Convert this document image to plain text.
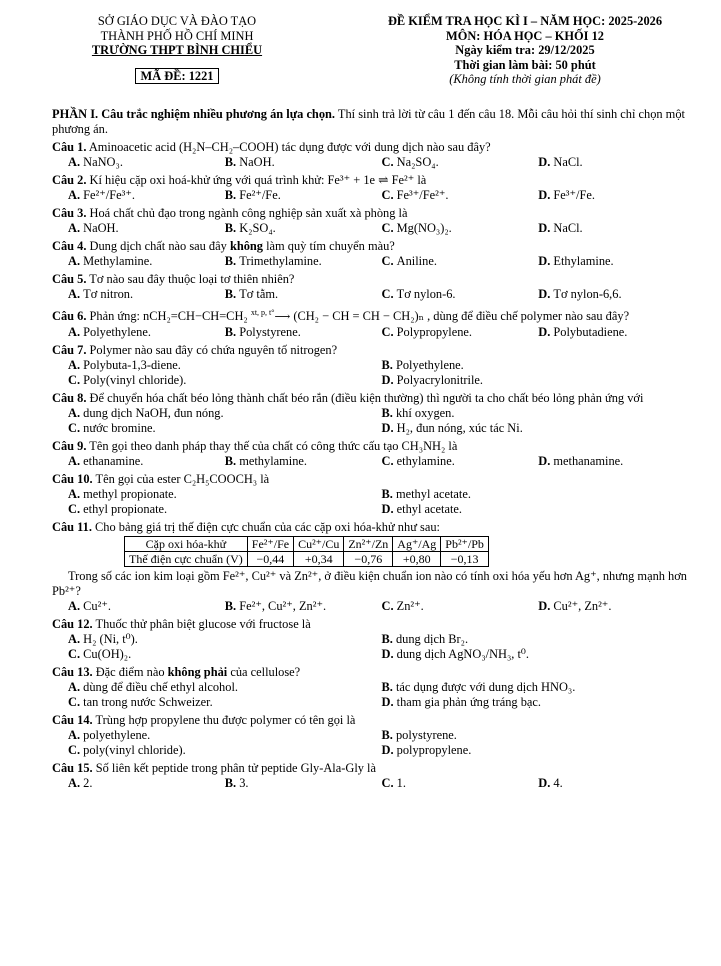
SỞ GIÁO DỤC VÀ ĐÀO TẠO
THÀNH PHỐ HỒ CHÍ MINH
TRƯỜNG THPT BÌNH CHIỂU
MÃ ĐỀ: 1221
ĐỀ KIỂM TRA HỌC KÌ I – NĂM HỌC: 2025-2026
MÔN: HÓA HỌC – KHỐI 12
Ngày kiểm tra: 29/12/2025
Thời gian làm bài: 50 phút
(Không tính thời gian phát đề)
PHẦN I. Câu trắc nghiệm nhiều phương án lựa chọn. Thí sinh trả lời từ câu 1 đến câu 18. Mỗi câu hỏi thí sinh chỉ chọn một phương án.
Câu 1. Aminoacetic acid (H₂N–CH₂–COOH) tác dụng được với dung dịch nào sau đây?
A. NaNO₃.	B. NaOH.	C. Na₂SO₄.	D. NaCl.
Câu 2. Kí hiệu cặp oxi hoá-khử ứng với quá trình khử: Fe³⁺ + 1e ⇌ Fe²⁺ là
A. Fe²⁺/Fe³⁺.	B. Fe²⁺/Fe.	C. Fe³⁺/Fe²⁺.	D. Fe³⁺/Fe.
Câu 3. Hoá chất chủ đạo trong ngành công nghiệp sản xuất xà phòng là
A. NaOH.	B. K₂SO₄.	C. Mg(NO₃)₂.	D. NaCl.
Câu 4. Dung dịch chất nào sau đây không làm quỳ tím chuyển màu?
A. Methylamine.	B. Trimethylamine.	C. Aniline.	D. Ethylamine.
Câu 5. Tơ nào sau đây thuộc loại tơ thiên nhiên?
A. Tơ nitron.	B. Tơ tằm.	C. Tơ nylon-6.	D. Tơ nylon-6,6.
Câu 6. Phản ứng: nCH₂=CH−CH=CH₂ $^{xt, p, t^\circ}$⟶ (CH₂ − CH = CH − CH₂)ₙ , dùng để điều chế polymer nào sau đây?
A. Polyethylene.	B. Polystyrene.	C. Polypropylene.	D. Polybutadiene.
Câu 7. Polymer nào sau đây có chứa nguyên tố nitrogen?
A. Polybuta-1,3-diene.	B. Polyethylene.
C. Poly(vinyl chloride).	D. Polyacrylonitrile.
Câu 8. Để chuyển hóa chất béo lỏng thành chất béo rắn (điều kiện thường) thì người ta cho chất béo lỏng phản ứng với
A. dung dịch NaOH, đun nóng.	B. khí oxygen.
C. nước bromine.	D. H₂, đun nóng, xúc tác Ni.
Câu 9. Tên gọi theo danh pháp thay thế của chất có công thức cấu tạo CH₃NH₂ là
A. ethanamine.	B. methylamine.	C. ethylamine.	D. methanamine.
Câu 10. Tên gọi của ester C₂H₅COOCH₃ là
A. methyl propionate.	B. methyl acetate.
C. ethyl propionate.	D. ethyl acetate.
Câu 11. Cho bảng giá trị thế điện cực chuẩn của các cặp oxi hóa-khử như sau:
Cặp oxi hóa-khử	Fe²⁺/Fe	Cu²⁺/Cu	Zn²⁺/Zn	Ag⁺/Ag	Pb²⁺/Pb
Thế điện cực chuẩn (V)	−0,44	+0,34	−0,76	+0,80	−0,13
Trong số các ion kim loại gồm Fe²⁺, Cu²⁺ và Zn²⁺, ở điều kiện chuẩn ion nào có tính oxi hóa yếu hơn Ag⁺, nhưng mạnh hơn Pb²⁺?
A. Cu²⁺.	B. Fe²⁺, Cu²⁺, Zn²⁺.	C. Zn²⁺.	D. Cu²⁺, Zn²⁺.
Câu 12. Thuốc thử phân biệt glucose với fructose là
A. H₂ (Ni, t⁰).	B. dung dịch Br₂.
C. Cu(OH)₂.	D. dung dịch AgNO₃/NH₃, t⁰.
Câu 13. Đặc điểm nào không phải của cellulose?
A. dùng để điều chế ethyl alcohol.	B. tác dụng được với dung dịch HNO₃.
C. tan trong nước Schweizer.	D. tham gia phản ứng tráng bạc.
Câu 14. Trùng hợp propylene thu được polymer có tên gọi là
A. polyethylene.	B. polystyrene.
C. poly(vinyl chloride).	D. polypropylene.
Câu 15. Số liên kết peptide trong phân tử peptide Gly-Ala-Gly là
A. 2.	B. 3.	C. 1.	D. 4.
